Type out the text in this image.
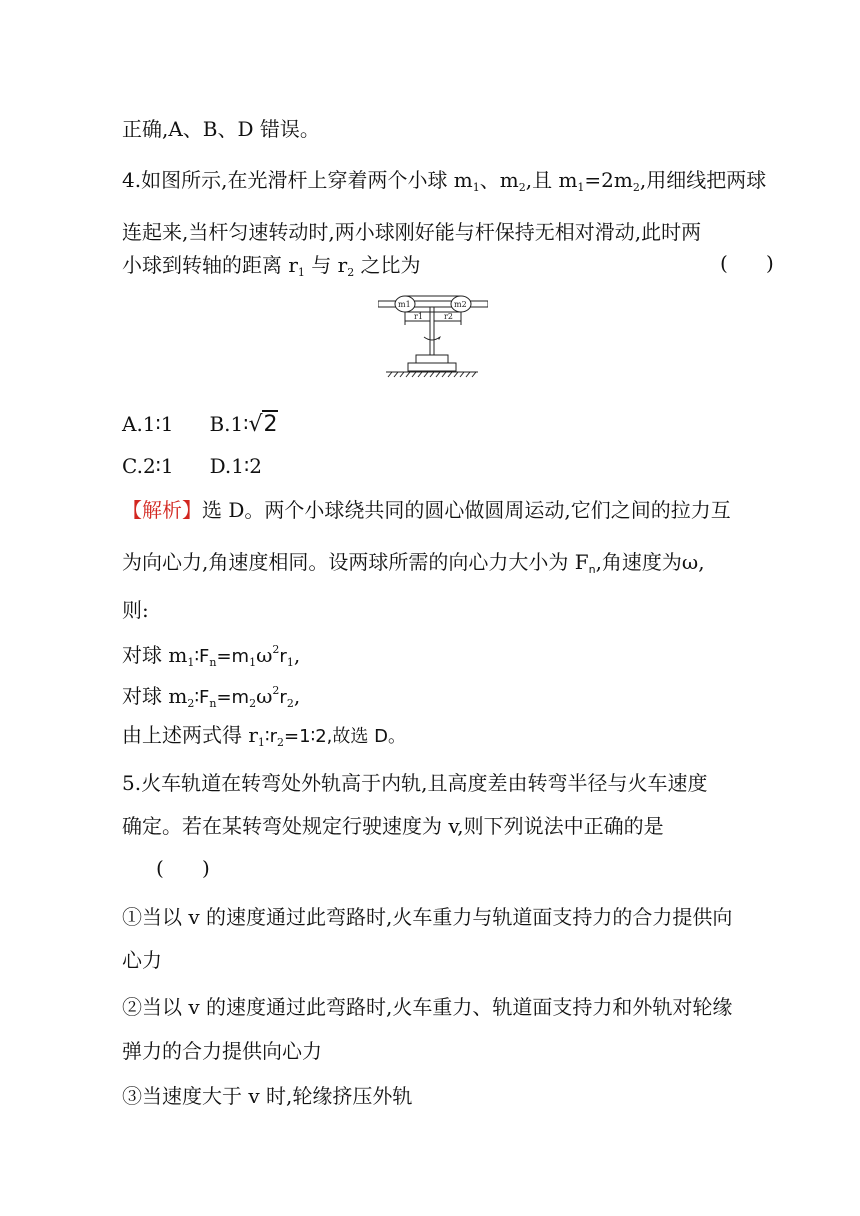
正确,A、B、D 错误。
4.如图所示,在光滑杆上穿着两个小球 $m_1$、$m_2$,且 $m_1=2m_2$,用细线把两球
连起来,当杆匀速转动时,两小球刚好能与杆保持无相对滑动,此时两
小球到转轴的距离 $r_1$ 与 $r_2$ 之比为	(      )
m1	m2
r1	r2
A.1∶1 B.1∶√2
C.2∶1 D.1∶2
【解析】选 D。两个小球绕共同的圆心做圆周运动,它们之间的拉力互
为向心力,角速度相同。设两球所需的向心力大小为 $F_n$,角速度为ω,
则:
对球 $m_1∶F_n=m_1\omega^2r_1$,
对球 $m_2∶F_n=m_2\omega^2r_2$,
由上述两式得 $r_1∶r_2=1∶2$,故选 D。
5.火车轨道在转弯处外轨高于内轨,且高度差由转弯半径与火车速度
确定。若在某转弯处规定行驶速度为 v,则下列说法中正确的是
(      )
①当以 v 的速度通过此弯路时,火车重力与轨道面支持力的合力提供向
心力
②当以 v 的速度通过此弯路时,火车重力、轨道面支持力和外轨对轮缘
弹力的合力提供向心力
③当速度大于 v 时,轮缘挤压外轨
